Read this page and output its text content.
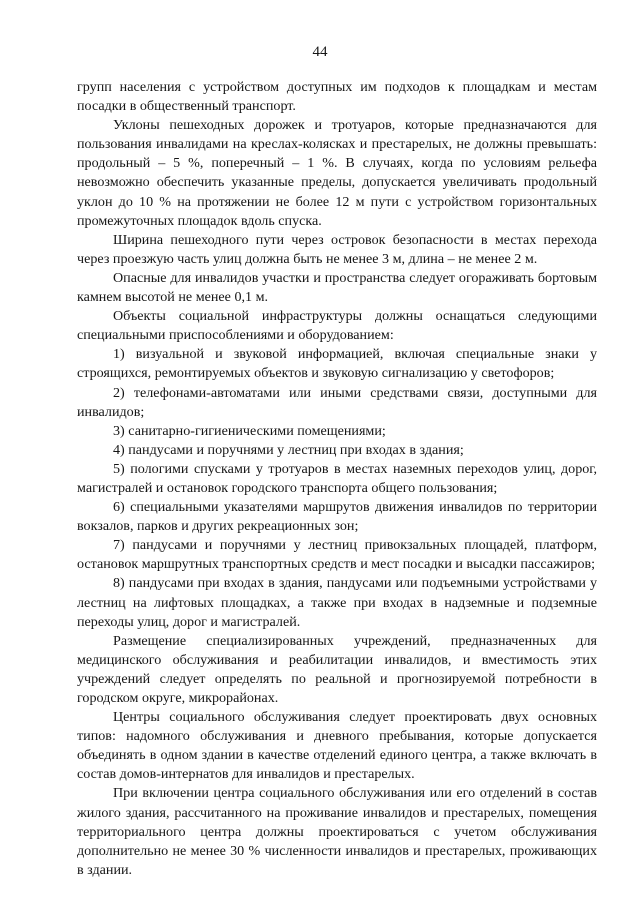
44

групп населения с устройством доступных им подходов к площадкам и местам посадки в общественный транспорт.

Уклоны пешеходных дорожек и тротуаров, которые предназначаются для пользования инвалидами на креслах-колясках и престарелых, не должны превышать: продольный – 5 %, поперечный – 1 %. В случаях, когда по условиям рельефа невозможно обеспечить указанные пределы, допускается увеличивать продольный уклон до 10 % на протяжении не более 12 м пути с устройством горизонтальных промежуточных площадок вдоль спуска.

Ширина пешеходного пути через островок безопасности в местах перехода через проезжую часть улиц должна быть не менее 3 м, длина – не менее 2 м.

Опасные для инвалидов участки и пространства следует огораживать бортовым камнем высотой не менее 0,1 м.

Объекты социальной инфраструктуры должны оснащаться следующими специальными приспособлениями и оборудованием:

1) визуальной и звуковой информацией, включая специальные знаки у строящихся, ремонтируемых объектов и звуковую сигнализацию у светофоров;

2) телефонами-автоматами или иными средствами связи, доступными для инвалидов;

3) санитарно-гигиеническими помещениями;

4) пандусами и поручнями у лестниц при входах в здания;

5) пологими спусками у тротуаров в местах наземных переходов улиц, дорог, магистралей и остановок городского транспорта общего пользования;

6) специальными указателями маршрутов движения инвалидов по территории вокзалов, парков и других рекреационных зон;

7) пандусами и поручнями у лестниц привокзальных площадей, платформ, остановок маршрутных транспортных средств и мест посадки и высадки пассажиров;

8) пандусами при входах в здания, пандусами или подъемными устройствами у лестниц на лифтовых площадках, а также при входах в надземные и подземные переходы улиц, дорог и магистралей.

Размещение специализированных учреждений, предназначенных для медицинского обслуживания и реабилитации инвалидов, и вместимость этих учреждений следует определять по реальной и прогнозируемой потребности в городском округе, микрорайонах.

Центры социального обслуживания следует проектировать двух основных типов: надомного обслуживания и дневного пребывания, которые допускается объединять в одном здании в качестве отделений единого центра, а также включать в состав домов-интернатов для инвалидов и престарелых.

При включении центра социального обслуживания или его отделений в состав жилого здания, рассчитанного на проживание инвалидов и престарелых, помещения территориального центра должны проектироваться с учетом обслуживания дополнительно не менее 30 % численности инвалидов и престарелых, проживающих в здании.
